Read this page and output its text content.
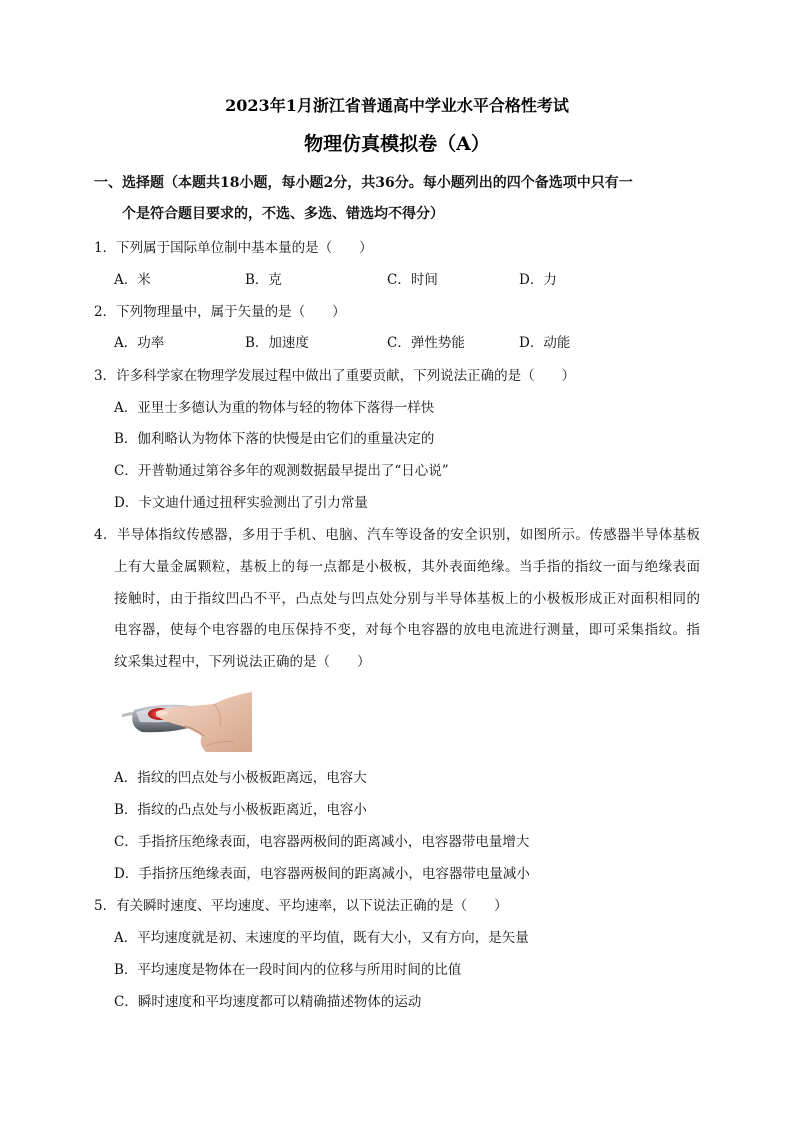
2023年1月浙江省普通高中学业水平合格性考试
物理仿真模拟卷（A）
一、选择题（本题共18小题，每小题2分，共36分。每小题列出的四个备选项中只有一
个是符合题目要求的，不选、多选、错选均不得分）
1．下列属于国际单位制中基本量的是（　　）
A．米	B．克	C．时间	D．力
2．下列物理量中，属于矢量的是（　　）
A．功率	B．加速度	C．弹性势能	D．动能
3．许多科学家在物理学发展过程中做出了重要贡献，下列说法正确的是（　　）
A．亚里士多德认为重的物体与轻的物体下落得一样快
B．伽利略认为物体下落的快慢是由它们的重量决定的
C．开普勒通过第谷多年的观测数据最早提出了“日心说”
D．卡文迪什通过扭秤实验测出了引力常量
4．半导体指纹传感器，多用于手机、电脑、汽车等设备的安全识别，如图所示。传感器半导体基板
上有大量金属颗粒，基板上的每一点都是小极板，其外表面绝缘。当手指的指纹一面与绝缘表面
接触时，由于指纹凹凸不平，凸点处与凹点处分别与半导体基板上的小极板形成正对面积相同的
电容器，使每个电容器的电压保持不变，对每个电容器的放电电流进行测量，即可采集指纹。指
纹采集过程中，下列说法正确的是（　　）
A．指纹的凹点处与小极板距离远，电容大
B．指纹的凸点处与小极板距离近，电容小
C．手指挤压绝缘表面，电容器两极间的距离减小，电容器带电量增大
D．手指挤压绝缘表面，电容器两极间的距离减小，电容器带电量减小
5．有关瞬时速度、平均速度、平均速率，以下说法正确的是（　　）
A．平均速度就是初、末速度的平均值，既有大小，又有方向，是矢量
B．平均速度是物体在一段时间内的位移与所用时间的比值
C．瞬时速度和平均速度都可以精确描述物体的运动
